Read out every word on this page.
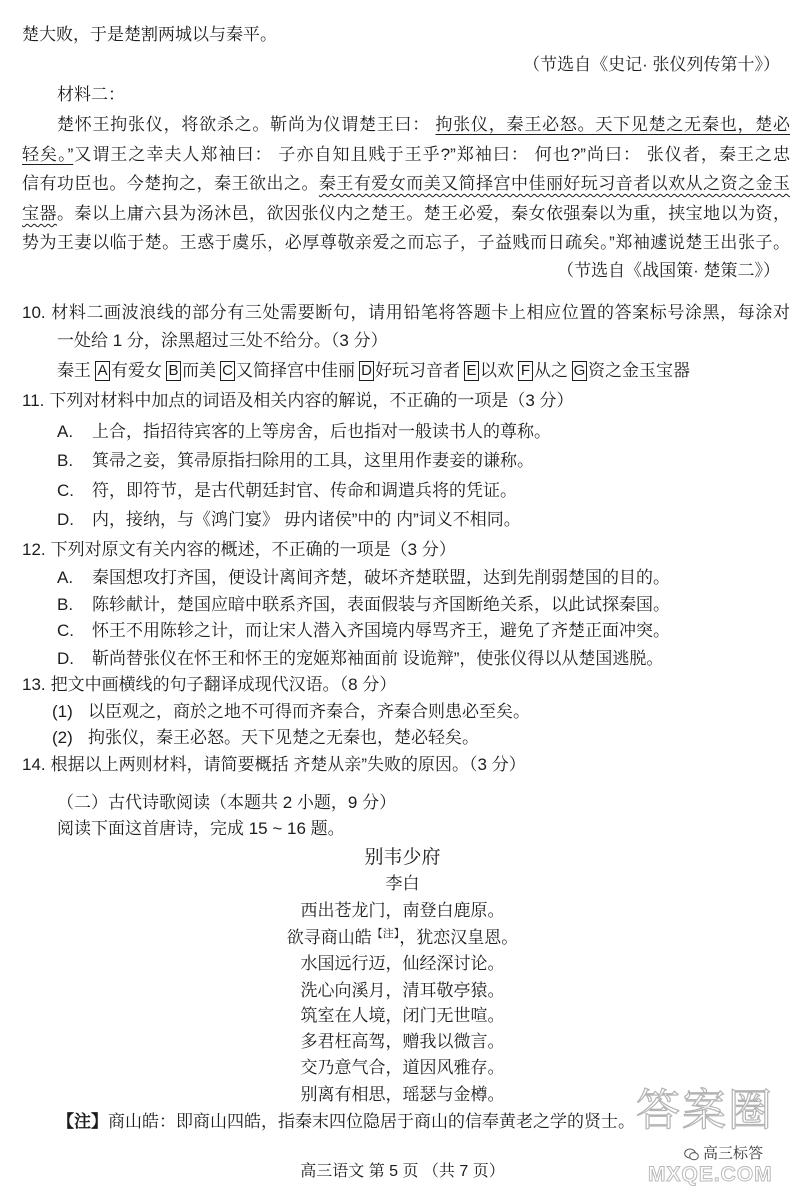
楚大败，于是楚割两城以与秦平。
（节选自《史记· 张仪列传第十》）
材料二：
楚怀王拘张仪，将欲杀之。靳尚为仪谓楚王曰： 拘张仪，秦王必怒。天下见楚之无秦也，楚必
轻矣。”又谓王之幸夫人郑袖曰： 子亦自知且贱于王乎?”郑袖曰： 何也?”尚曰： 张仪者，秦王之忠
信有功臣也。今楚拘之，秦王欲出之。秦王有爱女而美又简择宫中佳丽好玩习音者以欢从之资之金玉
宝器。秦以上庸六县为汤沐邑，欲因张仪内之楚王。楚王必爱，秦女依强秦以为重，挟宝地以为资，
势为王妻以临于楚。王惑于虞乐，必厚尊敬亲爱之而忘子，子益贱而日疏矣。”郑袖遽说楚王出张子。
（节选自《战国策· 楚策二》）
10. 材料二画波浪线的部分有三处需要断句，请用铅笔将答题卡上相应位置的答案标号涂黑，每涂对
一处给 1 分，涂黑超过三处不给分。（3 分）
秦王 A 有爱女 B 而美 C 又简择宫中佳丽 D 好玩习音者 E 以欢 F 从之 G 资之金玉宝器
11. 下列对材料中加点的词语及相关内容的解说，不正确的一项是（3 分）
A. 上合，指招待宾客的上等房舍，后也指对一般读书人的尊称。
B. 箕帚之妾，箕帚原指扫除用的工具，这里用作妻妾的谦称。
C. 符，即符节，是古代朝廷封官、传命和调遣兵将的凭证。
D. 内，接纳，与《鸿门宴》 毋内诸侯”中的 内”词义不相同。
12. 下列对原文有关内容的概述，不正确的一项是（3 分）
A. 秦国想攻打齐国，便设计离间齐楚，破坏齐楚联盟，达到先削弱楚国的目的。
B. 陈轸献计，楚国应暗中联系齐国，表面假装与齐国断绝关系，以此试探秦国。
C. 怀王不用陈轸之计，而让宋人潜入齐国境内辱骂齐王，避免了齐楚正面冲突。
D. 靳尚替张仪在怀王和怀王的宠姬郑袖面前 设诡辩”，使张仪得以从楚国逃脱。
13. 把文中画横线的句子翻译成现代汉语。（8 分）
(1) 以臣观之，商於之地不可得而齐秦合，齐秦合则患必至矣。
(2) 拘张仪，秦王必怒。天下见楚之无秦也，楚必轻矣。
14. 根据以上两则材料，请简要概括 齐楚从亲”失败的原因。（3 分）
（二）古代诗歌阅读（本题共 2 小题，9 分）
阅读下面这首唐诗，完成 15 ~ 16 题。
别韦少府
李白
西出苍龙门，南登白鹿原。
欲寻商山皓$^{【注】}$，犹恋汉皇恩。
水国远行迈，仙经深讨论。
洗心向溪月，清耳敬亭猿。
筑室在人境，闭门无世喧。
多君枉高驾，赠我以微言。
交乃意气合，道因风雅存。
别离有相思，瑶瑟与金樽。
【注】商山皓：即商山四皓，指秦末四位隐居于商山的信奉黄老之学的贤士。 答案圈
高三标答
MXQE.COM
高三语文 第 5 页 （共 7 页）
